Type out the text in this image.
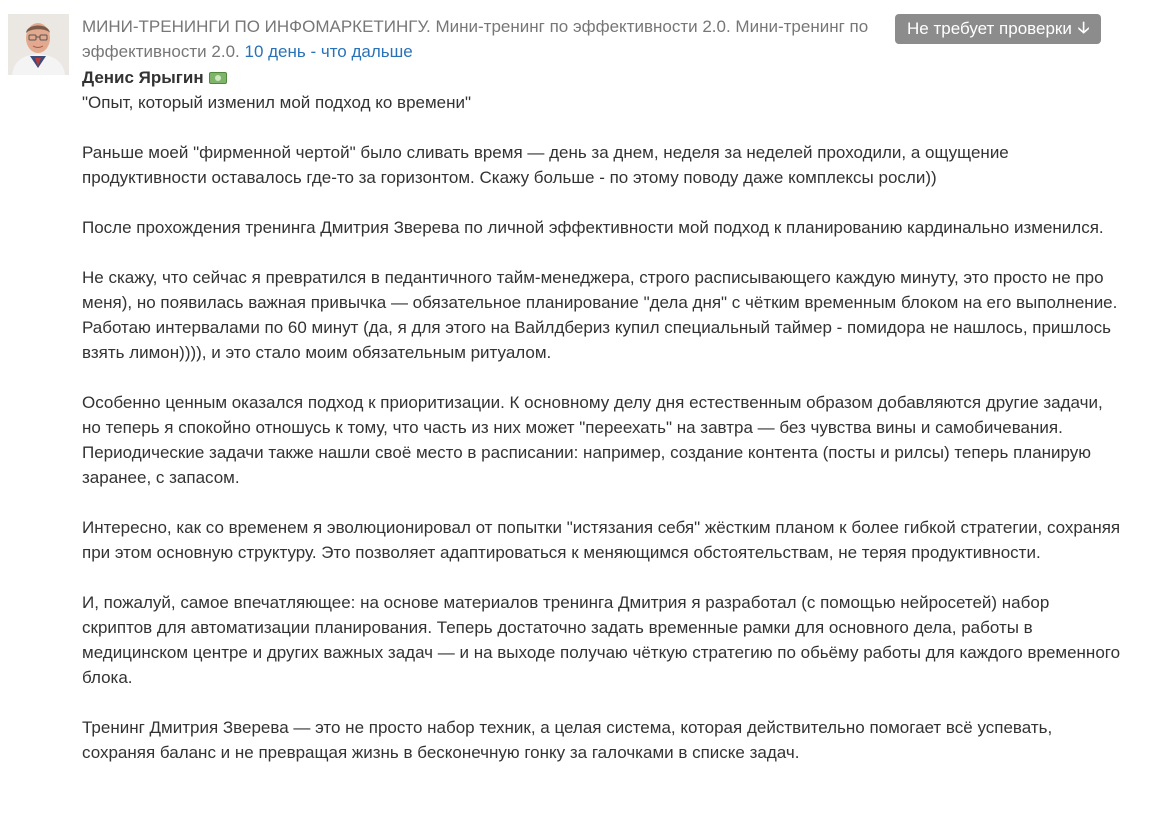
МИНИ-ТРЕНИНГИ ПО ИНФОМАРКЕТИНГУ. Мини-тренинг по эффективности 2.0. Мини-тренинг по эффективности 2.0. 10 день - что дальше
Денис Ярыгин

"Опыт, который изменил мой подход ко времени"

Раньше моей "фирменной чертой" было сливать время — день за днем, неделя за неделей проходили, а ощущение продуктивности оставалось где-то за горизонтом. Скажу больше - по этому поводу даже комплексы росли))

После прохождения тренинга Дмитрия Зверева по личной эффективности мой подход к планированию кардинально изменился.

Не скажу, что сейчас я превратился в педантичного тайм-менеджера, строго расписывающего каждую минуту, это просто не про меня), но появилась важная привычка — обязательное планирование "дела дня" с чётким временным блоком на его выполнение. Работаю интервалами по 60 минут (да, я для этого на Вайлдбериз купил специальный таймер - помидора не нашлось, пришлось взять лимон)))), и это стало моим обязательным ритуалом.

Особенно ценным оказался подход к приоритизации. К основному делу дня естественным образом добавляются другие задачи, но теперь я спокойно отношусь к тому, что часть из них может "переехать" на завтра — без чувства вины и самобичевания. Периодические задачи также нашли своё место в расписании: например, создание контента (посты и рилсы) теперь планирую заранее, с запасом.

Интересно, как со временем я эволюционировал от попытки "истязания себя" жёстким планом к более гибкой стратегии, сохраняя при этом основную структуру. Это позволяет адаптироваться к меняющимся обстоятельствам, не теряя продуктивности.

И, пожалуй, самое впечатляющее: на основе материалов тренинга Дмитрия я разработал (с помощью нейросетей) набор скриптов для автоматизации планирования. Теперь достаточно задать временные рамки для основного дела, работы в медицинском центре и других важных задач — и на выходе получаю чёткую стратегию по обьёму работы для каждого временного блока.

Тренинг Дмитрия Зверева — это не просто набор техник, а целая система, которая действительно помогает всё успевать, сохраняя баланс и не превращая жизнь в бесконечную гонку за галочками в списке задач.

Не требует проверки 🡣
